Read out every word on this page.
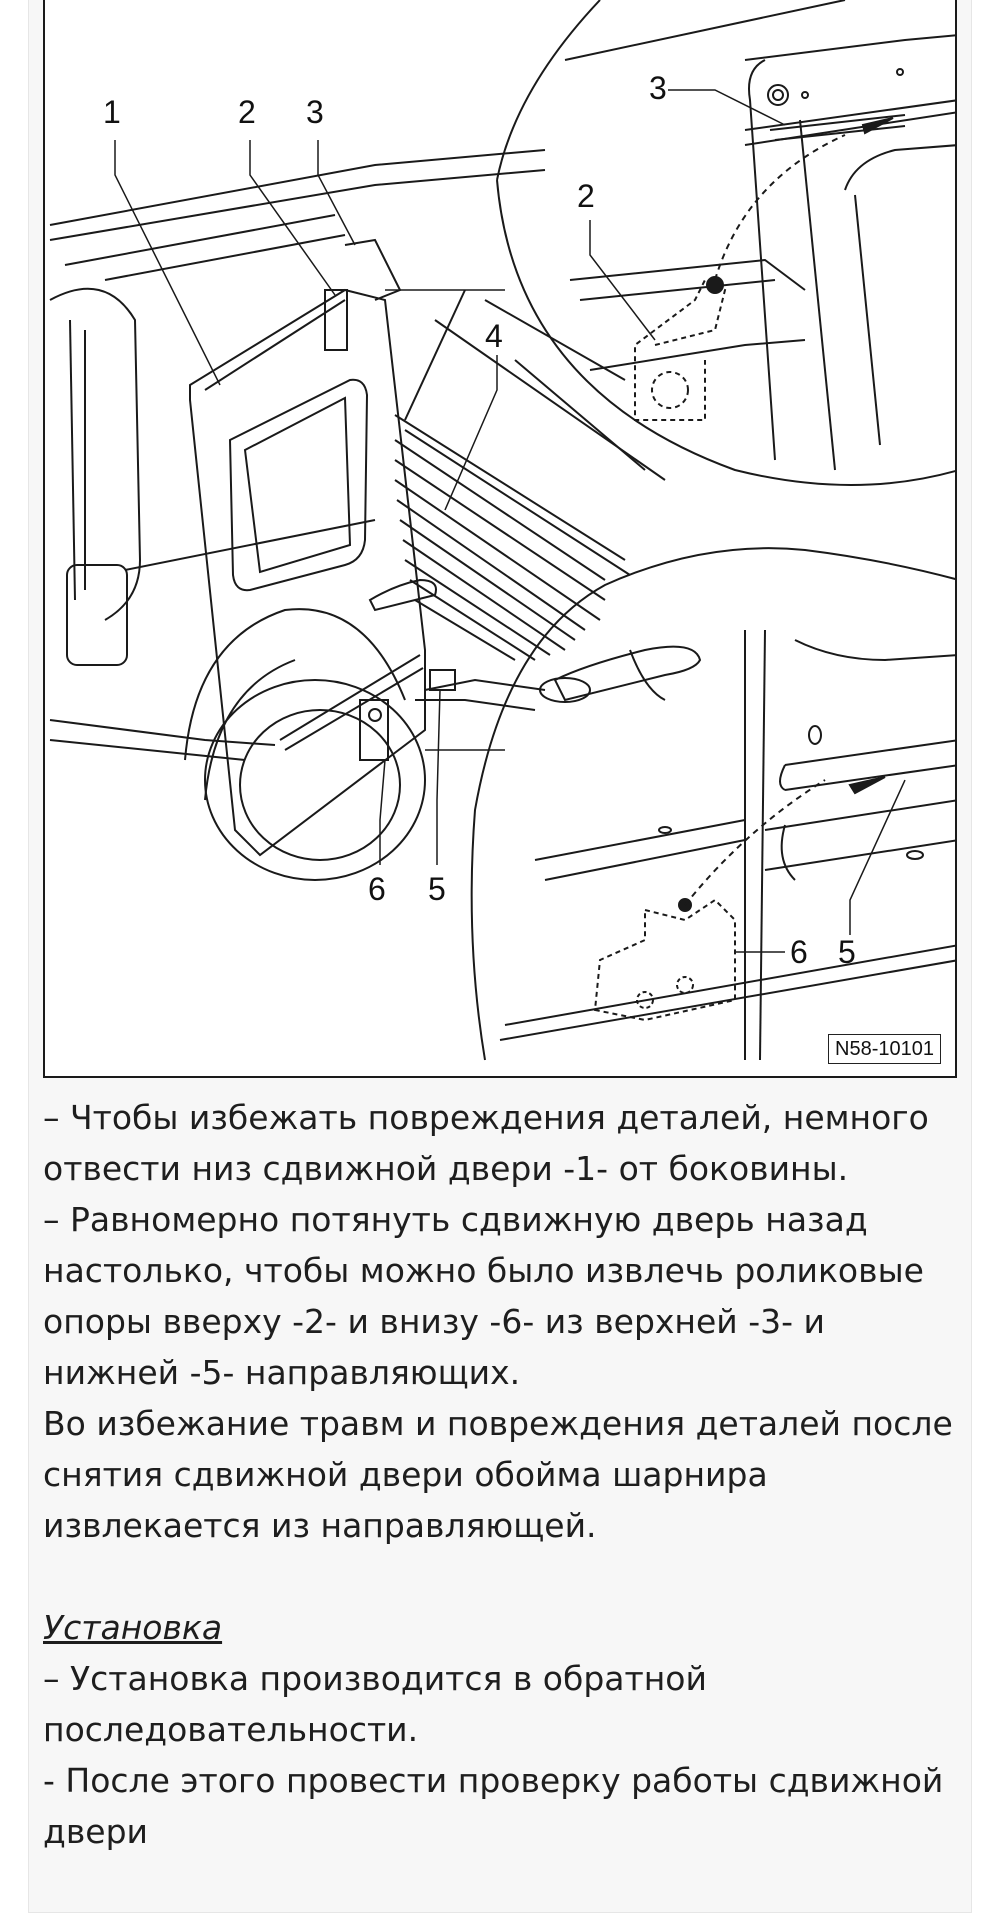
1	2 3
4
6 5
3
2
6 5
N58-10101

– Чтобы избежать повреждения деталей, немного отвести низ сдвижной двери -1- от боковины.

– Равномерно потянуть сдвижную дверь назад настолько, чтобы можно было извлечь роликовые опоры вверху -2- и внизу -6- из верхней -3- и нижней -5- направляющих.

Во избежание травм и повреждения деталей после снятия сдвижной двери обойма шарнира извлекается из направляющей.

Установка

– Установка производится в обратной последовательности.

- После этого провести проверку работы сдвижной двери
